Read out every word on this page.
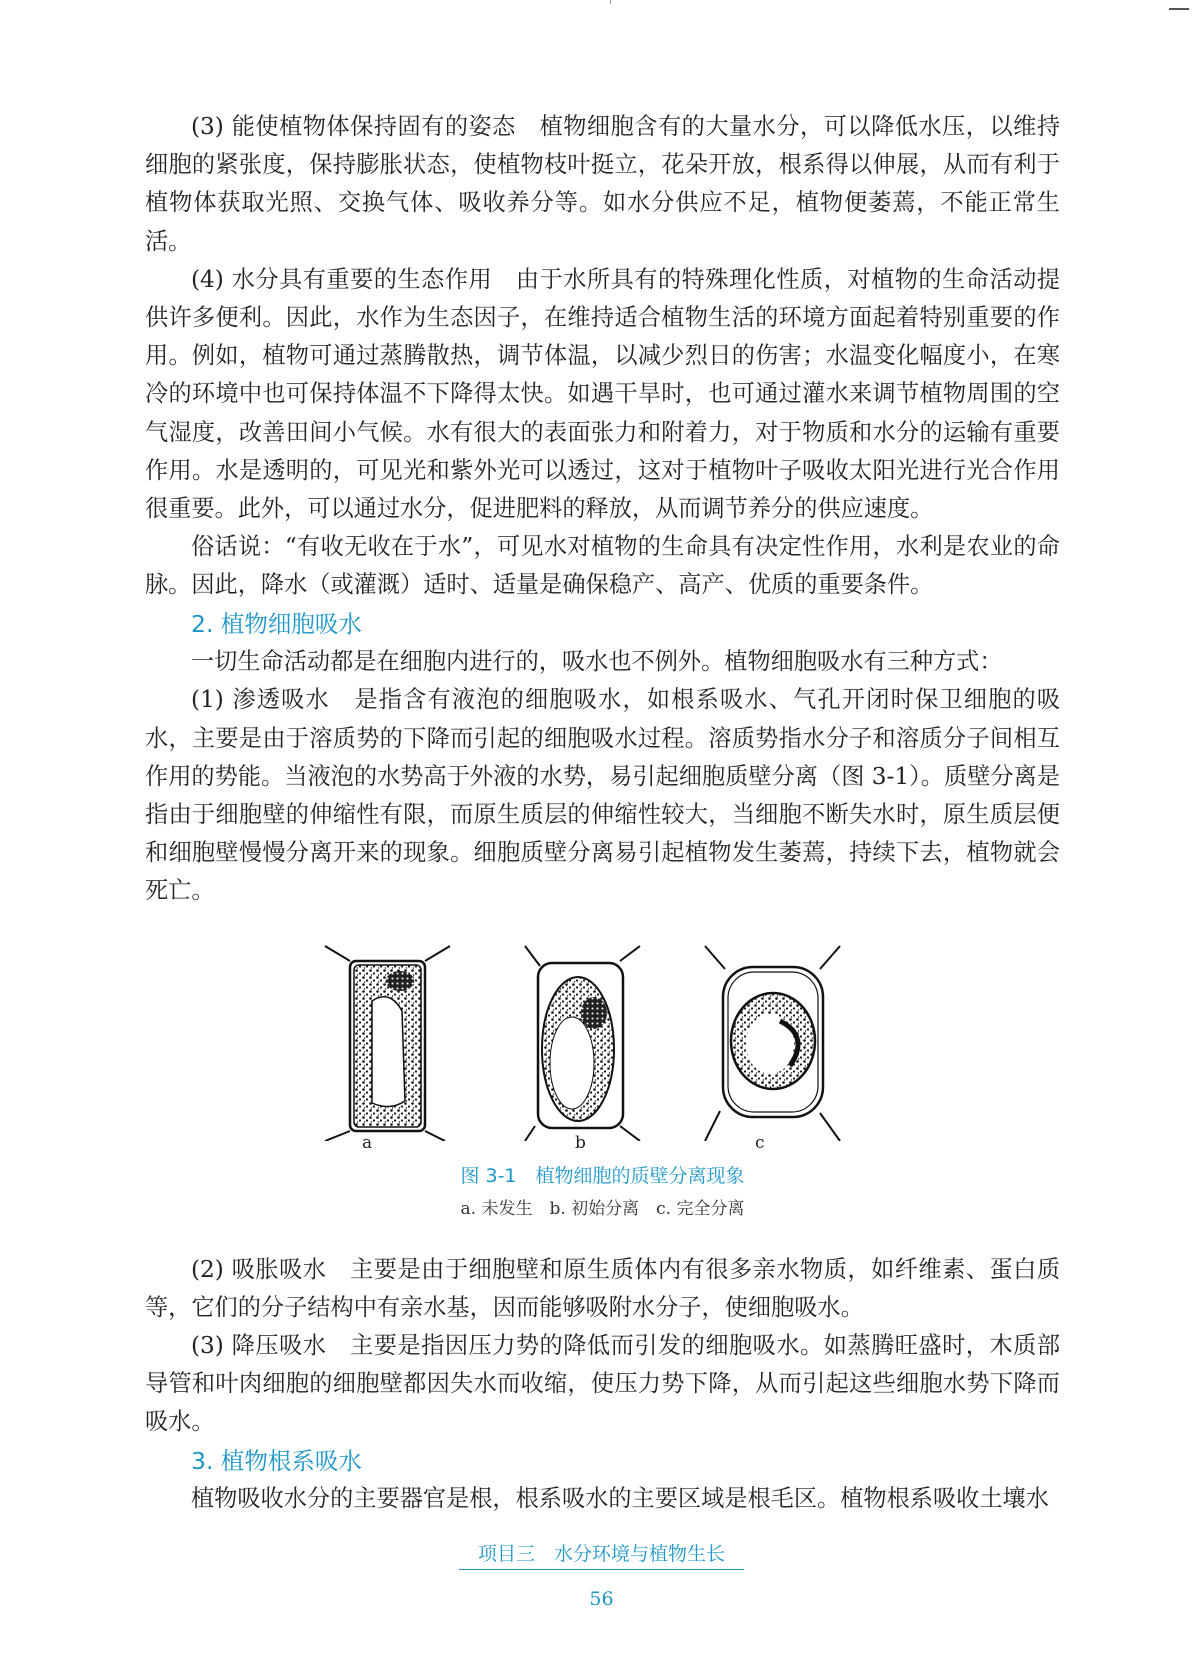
(3) 能使植物体保持固有的姿态　 植物细胞含有的大量水分，可以降低水压，以维持细胞的紧张度，保持膨胀状态，使植物枝叶挺立，花朵开放，根系得以伸展，从而有利于植物体获取光照、交换气体、吸收养分等。如水分供应不足，植物便萎蔫，不能正常生活。

(4) 水分具有重要的生态作用　 由于水所具有的特殊理化性质，对植物的生命活动提供许多便利。因此，水作为生态因子，在维持适合植物生活的环境方面起着特别重要的作用。例如，植物可通过蒸腾散热，调节体温，以减少烈日的伤害；水温变化幅度小，在寒冷的环境中也可保持体温不下降得太快。如遇干旱时，也可通过灌水来调节植物周围的空气湿度，改善田间小气候。水有很大的表面张力和附着力，对于物质和水分的运输有重要作用。水是透明的，可见光和紫外光可以透过，这对于植物叶子吸收太阳光进行光合作用很重要。此外，可以通过水分，促进肥料的释放，从而调节养分的供应速度。

俗话说：“有收无收在于水”，可见水对植物的生命具有决定性作用，水利是农业的命脉。因此，降水（或灌溉）适时、适量是确保稳产、高产、优质的重要条件。

2. 植物细胞吸水

一切生命活动都是在细胞内进行的，吸水也不例外。植物细胞吸水有三种方式：

(1) 渗透吸水　 是指含有液泡的细胞吸水，如根系吸水、气孔开闭时保卫细胞的吸水，主要是由于溶质势的下降而引起的细胞吸水过程。溶质势指水分子和溶质分子间相互作用的势能。当液泡的水势高于外液的水势，易引起细胞质壁分离（图 3-1）。质壁分离是指由于细胞壁的伸缩性有限，而原生质层的伸缩性较大，当细胞不断失水时，原生质层便和细胞壁慢慢分离开来的现象。细胞质壁分离易引起植物发生萎蔫，持续下去，植物就会死亡。

a	b	c
图 3-1　植物细胞的质壁分离现象
a. 未发生　b. 初始分离　c. 完全分离

(2) 吸胀吸水　 主要是由于细胞壁和原生质体内有很多亲水物质，如纤维素、蛋白质等，它们的分子结构中有亲水基，因而能够吸附水分子，使细胞吸水。

(3) 降压吸水　 主要是指因压力势的降低而引发的细胞吸水。如蒸腾旺盛时，木质部导管和叶肉细胞的细胞壁都因失水而收缩，使压力势下降，从而引起这些细胞水势下降而吸水。

3. 植物根系吸水

植物吸收水分的主要器官是根，根系吸水的主要区域是根毛区。植物根系吸收土壤水

项目三　水分环境与植物生长
56
